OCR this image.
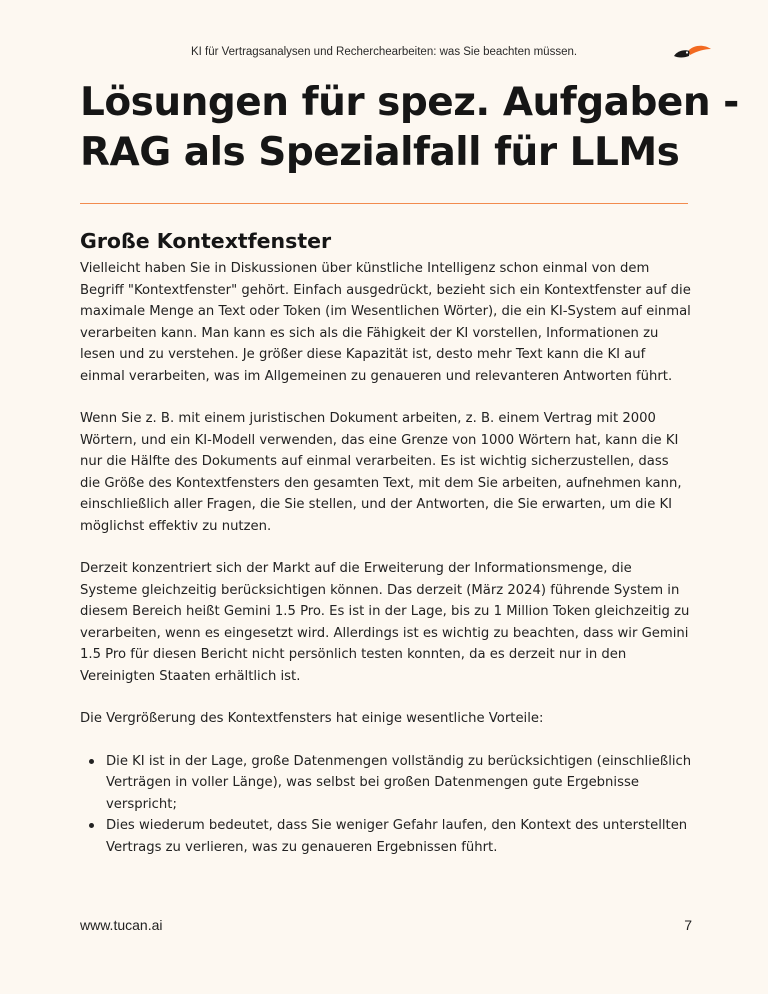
KI für Vertragsanalysen und Recherchearbeiten: was Sie beachten müssen.
Lösungen für spez. Aufgaben -
RAG als Spezialfall für LLMs
Große Kontextfenster

Vielleicht haben Sie in Diskussionen über künstliche Intelligenz schon einmal von dem Begriff "Kontextfenster" gehört. Einfach ausgedrückt, bezieht sich ein Kontextfenster auf die maximale Menge an Text oder Token (im Wesentlichen Wörter), die ein KI-System auf einmal verarbeiten kann. Man kann es sich als die Fähigkeit der KI vorstellen, Informationen zu lesen und zu verstehen. Je größer diese Kapazität ist, desto mehr Text kann die KI auf einmal verarbeiten, was im Allgemeinen zu genaueren und relevanteren Antworten führt.

Wenn Sie z. B. mit einem juristischen Dokument arbeiten, z. B. einem Vertrag mit 2000 Wörtern, und ein KI-Modell verwenden, das eine Grenze von 1000 Wörtern hat, kann die KI nur die Hälfte des Dokuments auf einmal verarbeiten. Es ist wichtig sicherzustellen, dass die Größe des Kontextfensters den gesamten Text, mit dem Sie arbeiten, aufnehmen kann, einschließlich aller Fragen, die Sie stellen, und der Antworten, die Sie erwarten, um die KI möglichst effektiv zu nutzen.

Derzeit konzentriert sich der Markt auf die Erweiterung der Informationsmenge, die Systeme gleichzeitig berücksichtigen können. Das derzeit (März 2024) führende System in diesem Bereich heißt Gemini 1.5 Pro. Es ist in der Lage, bis zu 1 Million Token gleichzeitig zu verarbeiten, wenn es eingesetzt wird. Allerdings ist es wichtig zu beachten, dass wir Gemini 1.5 Pro für diesen Bericht nicht persönlich testen konnten, da es derzeit nur in den Vereinigten Staaten erhältlich ist.

Die Vergrößerung des Kontextfensters hat einige wesentliche Vorteile:

Die KI ist in der Lage, große Datenmengen vollständig zu berücksichtigen (einschließlich Verträgen in voller Länge), was selbst bei großen Datenmengen gute Ergebnisse verspricht;
Dies wiederum bedeutet, dass Sie weniger Gefahr laufen, den Kontext des unterstellten Vertrags zu verlieren, was zu genaueren Ergebnissen führt.
www.tucan.ai	7
